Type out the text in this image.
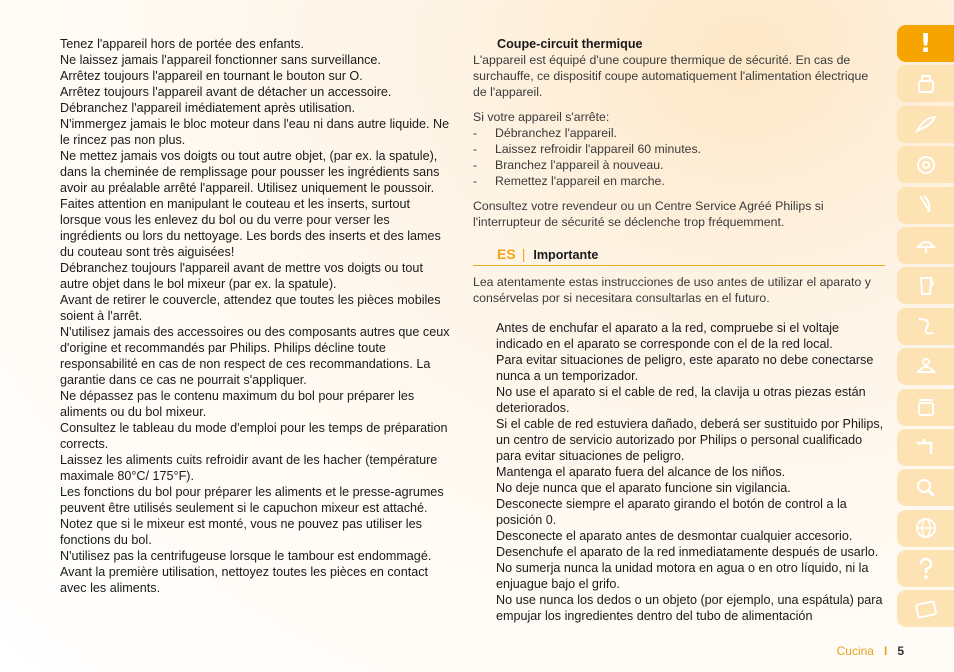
Tenez l'appareil hors de portée des enfants.

Ne laissez jamais l'appareil fonctionner sans surveillance.

Arrêtez toujours l'appareil en tournant le bouton sur O.

Arrêtez toujours l'appareil avant de détacher un accessoire.

Débranchez l'appareil imédiatement après utilisation.

N'immergez jamais le bloc moteur dans l'eau ni dans autre liquide. Ne le rincez pas non plus.

Ne mettez jamais vos doigts ou tout autre objet, (par ex. la spatule), dans la cheminée de remplissage pour pousser les ingrédients sans avoir au préalable arrêté l'appareil. Utilisez uniquement le poussoir.

Faites attention en manipulant le couteau et les inserts, surtout lorsque vous les enlevez du bol ou du verre pour verser les ingrédients ou lors du nettoyage. Les bords des inserts et des lames du couteau sont très aiguisées!

Débranchez toujours l'appareil avant de mettre vos doigts ou tout autre objet dans le bol mixeur (par ex. la spatule).

Avant de retirer le couvercle, attendez que toutes les pièces mobiles soient à l'arrêt.

N'utilisez jamais des accessoires ou des composants autres que ceux d'origine et recommandés par Philips. Philips décline toute responsabilité en cas de non respect de ces recommandations. La garantie dans ce cas ne pourrait s'appliquer.

Ne dépassez pas le contenu maximum du bol pour préparer les aliments ou du bol mixeur.

Consultez le tableau du mode d'emploi pour les temps de préparation corrects.

Laissez les aliments cuits refroidir avant de les hacher (température maximale 80°C/ 175°F).

Les fonctions du bol pour préparer les aliments et le presse-agrumes peuvent être utilisés seulement si le capuchon mixeur est attaché.

Notez que si le mixeur est monté, vous ne pouvez pas utiliser les fonctions du bol.

N'utilisez pas la centrifugeuse lorsque le tambour est endommagé.

Avant la première utilisation, nettoyez toutes les pièces en contact avec les aliments.

Coupe-circuit thermique
L'appareil est équipé d'une coupure thermique de sécurité. En cas de surchauffe, ce dispositif coupe automatiquement l'alimentation électrique de l'appareil.
Si votre appareil s'arrête:
-	Débranchez l'appareil.
-	Laissez refroidir l'appareil 60 minutes.
-	Branchez l'appareil à nouveau.
-	Remettez l'appareil en marche.
Consultez votre revendeur ou un Centre Service Agréé Philips si l'interrupteur de sécurité se déclenche trop fréquemment.
ES | Importante
Lea atentamente estas instrucciones de uso antes de utilizar el aparato y consérvelas por si necesitara consultarlas en el futuro.

Antes de enchufar el aparato a la red, compruebe si el voltaje indicado en el aparato se corresponde con el de la red local.

Para evitar situaciones de peligro, este aparato no debe conectarse nunca a un temporizador.

No use el aparato si el cable de red, la clavija u otras piezas están deteriorados.

Si el cable de red estuviera dañado, deberá ser sustituido por Philips, un centro de servicio autorizado por Philips o personal cualificado para evitar situaciones de peligro.

Mantenga el aparato fuera del alcance de los niños.

No deje nunca que el aparato funcione sin vigilancia.

Desconecte siempre el aparato girando el botón de control a la posición 0.

Desconecte el aparato antes de desmontar cualquier accesorio.

Desenchufe el aparato de la red inmediatamente después de usarlo.

No sumerja nunca la unidad motora en agua o en otro líquido, ni la enjuague bajo el grifo.

No use nunca los dedos o un objeto (por ejemplo, una espátula) para empujar los ingredientes dentro del tubo de alimentación

!
Cucina I 5
